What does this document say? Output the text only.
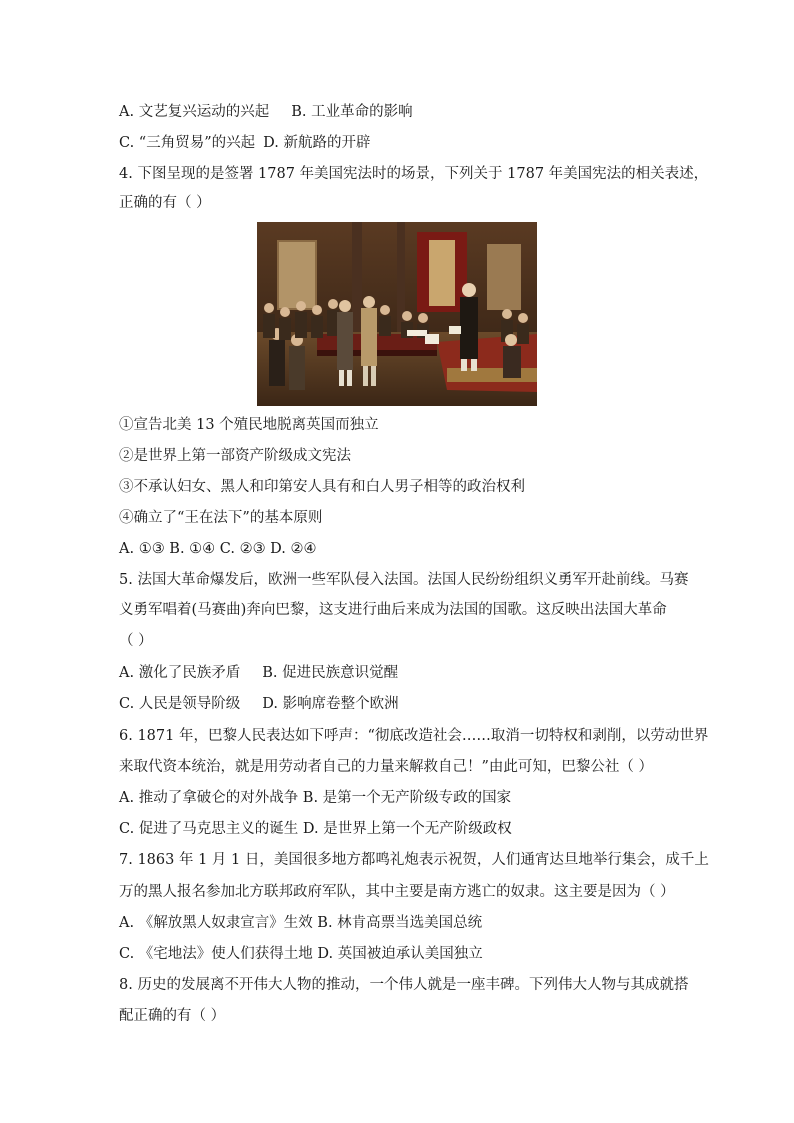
A. 文艺复兴运动的兴起 B. 工业革命的影响
C. “三角贸易”的兴起 D. 新航路的开辟
4. 下图呈现的是签署 1787 年美国宪法时的场景，下列关于 1787 年美国宪法的相关表述，
正确的有（ ）
①宣告北美 13 个殖民地脱离英国而独立
②是世界上第一部资产阶级成文宪法
③不承认妇女、黑人和印第安人具有和白人男子相等的政治权利
④确立了“王在法下”的基本原则
A. ①③ B. ①④ C. ②③ D. ②④
5. 法国大革命爆发后，欧洲一些军队侵入法国。法国人民纷纷组织义勇军开赴前线。马赛
义勇军唱着(马赛曲)奔向巴黎，这支进行曲后来成为法国的国歌。这反映出法国大革命
（ ）
A. 激化了民族矛盾 B. 促进民族意识觉醒
C. 人民是领导阶级 D. 影响席卷整个欧洲
6. 1871 年，巴黎人民表达如下呼声：“彻底改造社会……取消一切特权和剥削，以劳动世界
来取代资本统治，就是用劳动者自己的力量来解救自己！”由此可知，巴黎公社（ ）
A. 推动了拿破仑的对外战争 B. 是第一个无产阶级专政的国家
C. 促进了马克思主义的诞生 D. 是世界上第一个无产阶级政权
7. 1863 年 1 月 1 日，美国很多地方都鸣礼炮表示祝贺，人们通宵达旦地举行集会，成千上
万的黑人报名参加北方联邦政府军队，其中主要是南方逃亡的奴隶。这主要是因为（ ）
A. 《解放黑人奴隶宣言》生效 B. 林肯高票当选美国总统
C. 《宅地法》使人们获得土地 D. 英国被迫承认美国独立
8. 历史的发展离不开伟大人物的推动，一个伟人就是一座丰碑。下列伟大人物与其成就搭
配正确的有（ ）
